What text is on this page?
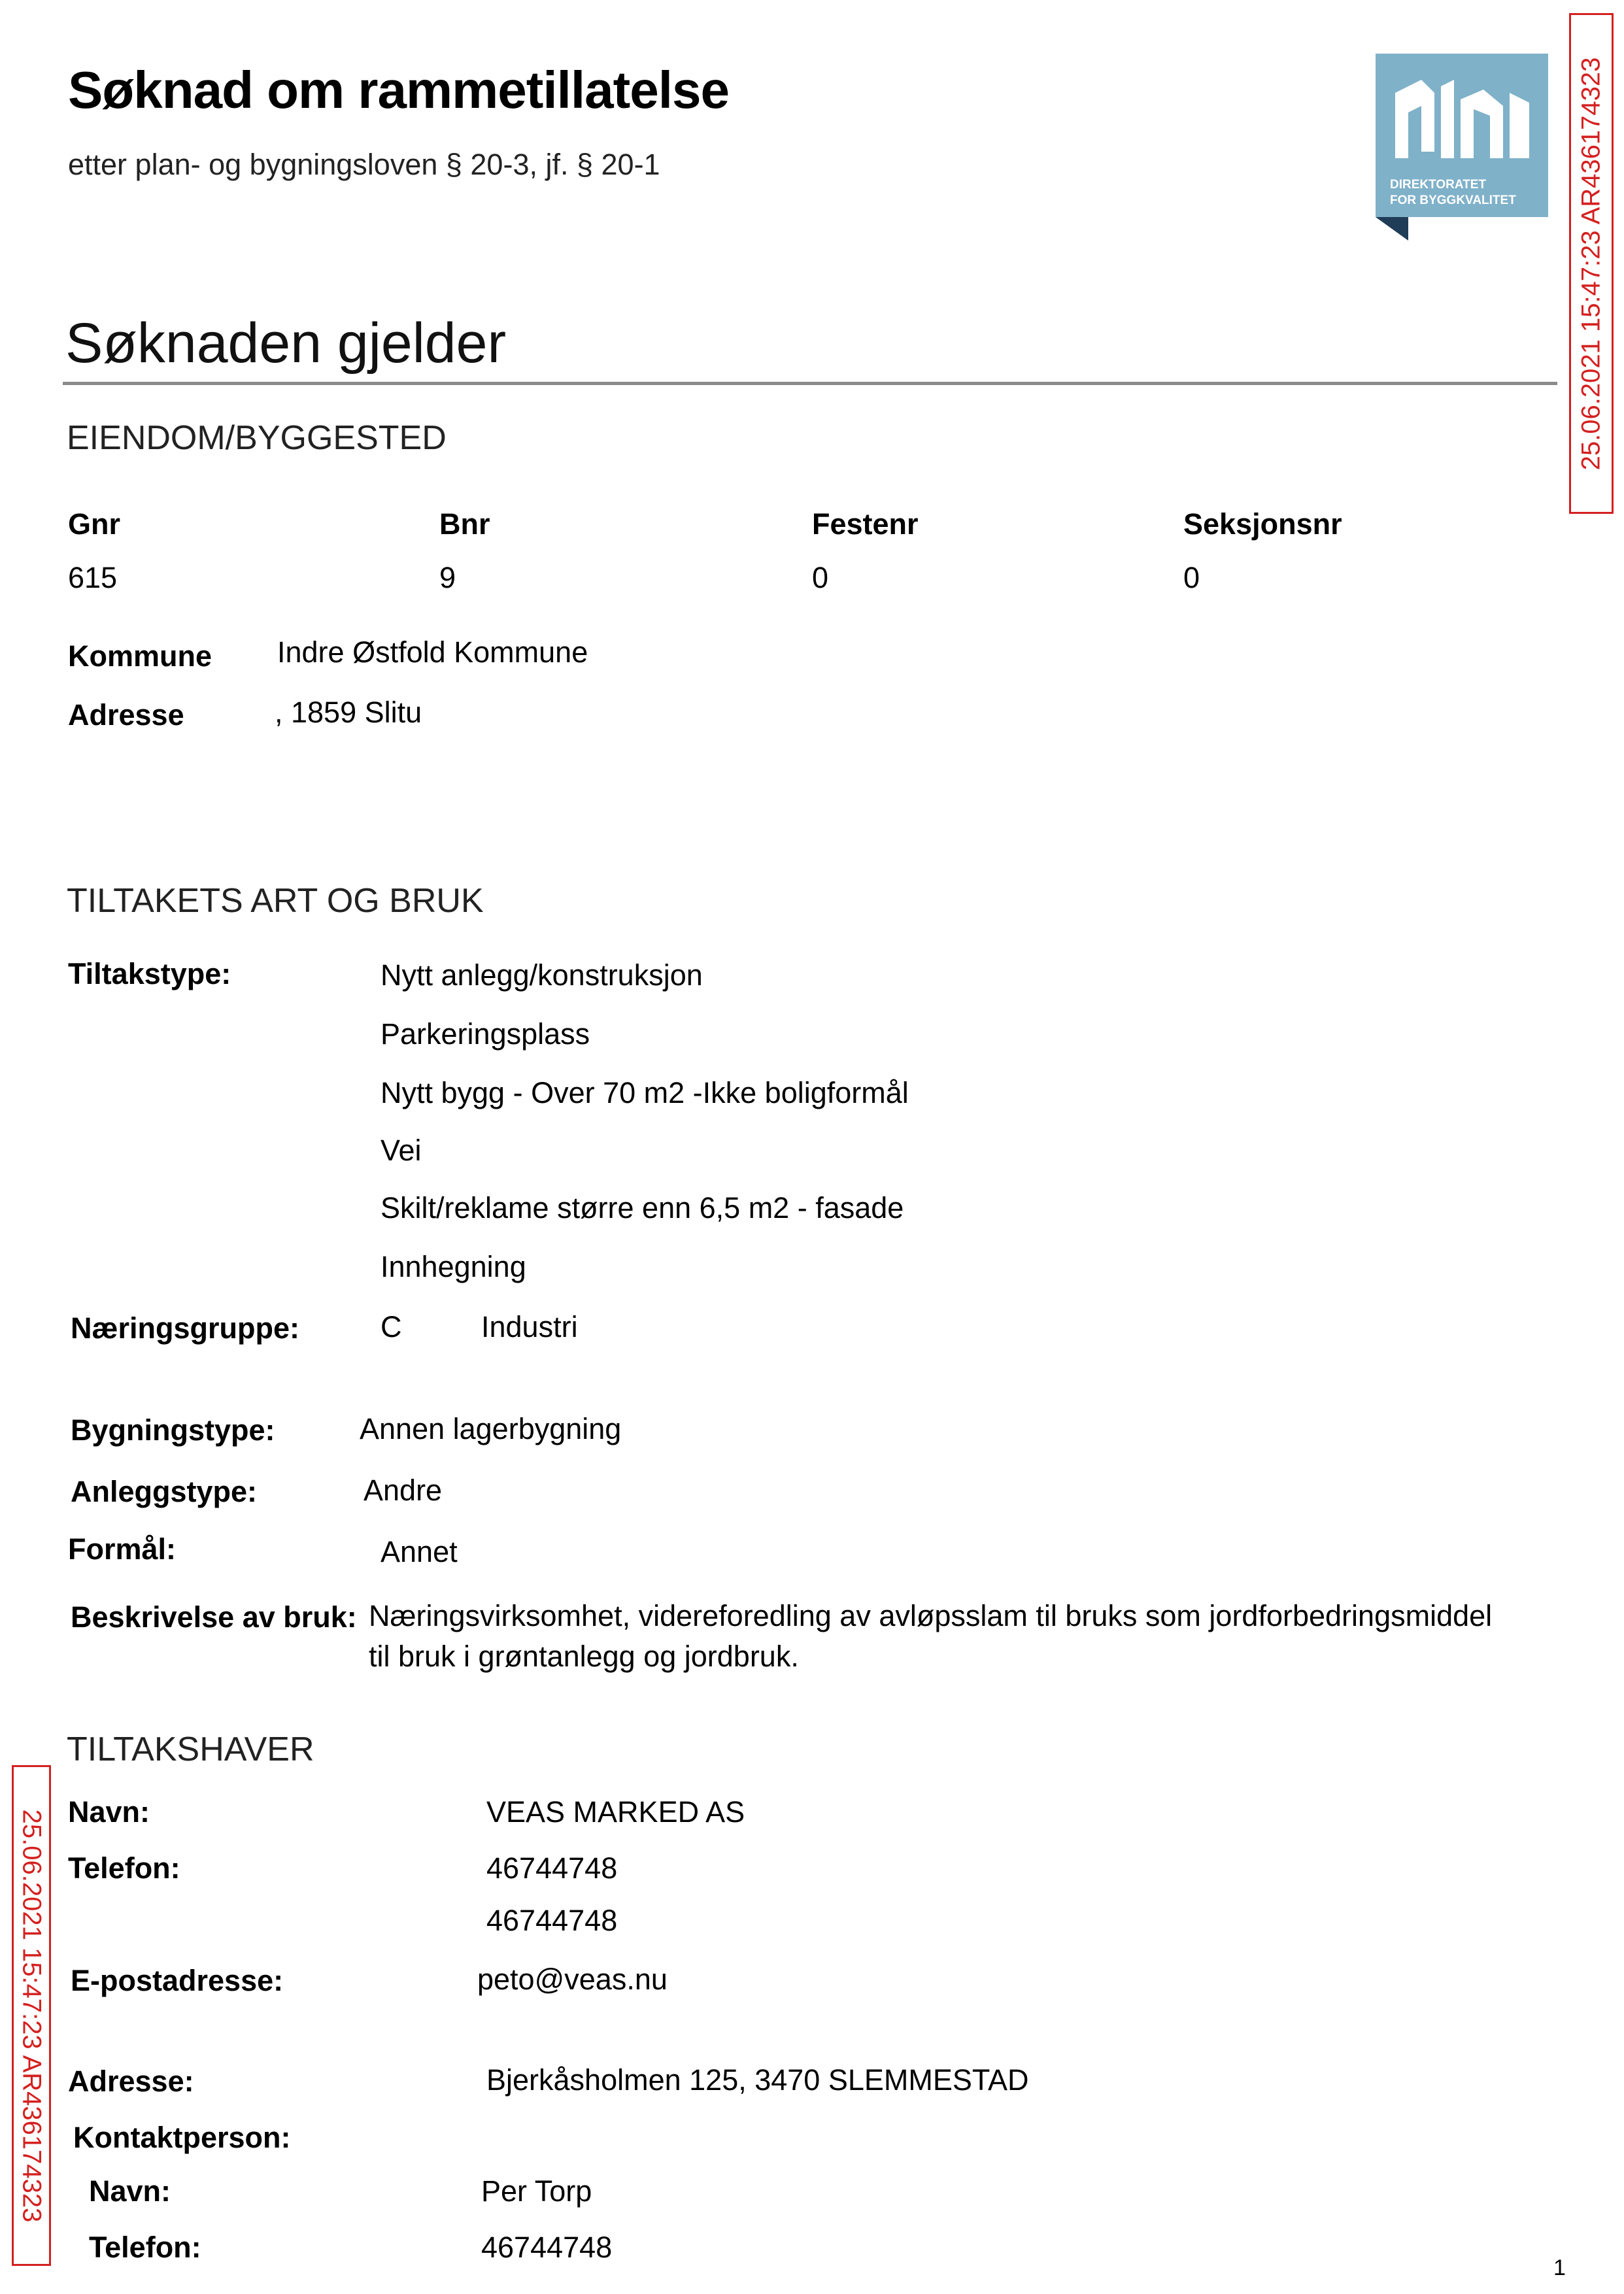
Søknad om rammetillatelse
etter plan- og bygningsloven § 20-3, jf. § 20-1
DIREKTORATET
FOR BYGGKVALITET 25.06.2021 15:47:23 AR436174323
25.06.2021 15:47:23 AR436174323
Søknaden gjelder
EIENDOM/BYGGESTED
Gnr	Bnr	Festenr	Seksjonsnr
615	9	0	0
Kommune Indre Østfold Kommune
Adresse	, 1859 Slitu
TILTAKETS ART OG BRUK
Tiltakstype:	Nytt anlegg/konstruksjon
Parkeringsplass
Nytt bygg - Over 70 m2 -Ikke boligformål
Vei
Skilt/reklame større enn 6,5 m2 - fasade
Innhegning
Næringsgruppe:	C	Industri
Bygningstype:	Annen lagerbygning
Anleggstype:	Andre
Formål:	Annet
Beskrivelse av bruk: Næringsvirksomhet, videreforedling av avløpsslam til bruks som jordforbedringsmiddel
til bruk i grøntanlegg og jordbruk.
TILTAKSHAVER
Navn:	VEAS MARKED AS
Telefon:	46744748
46744748
E-postadresse:	peto@veas.nu
Adresse:	Bjerkåsholmen 125, 3470 SLEMMESTAD
Kontaktperson:
Navn:	Per Torp
Telefon:	46744748
1
